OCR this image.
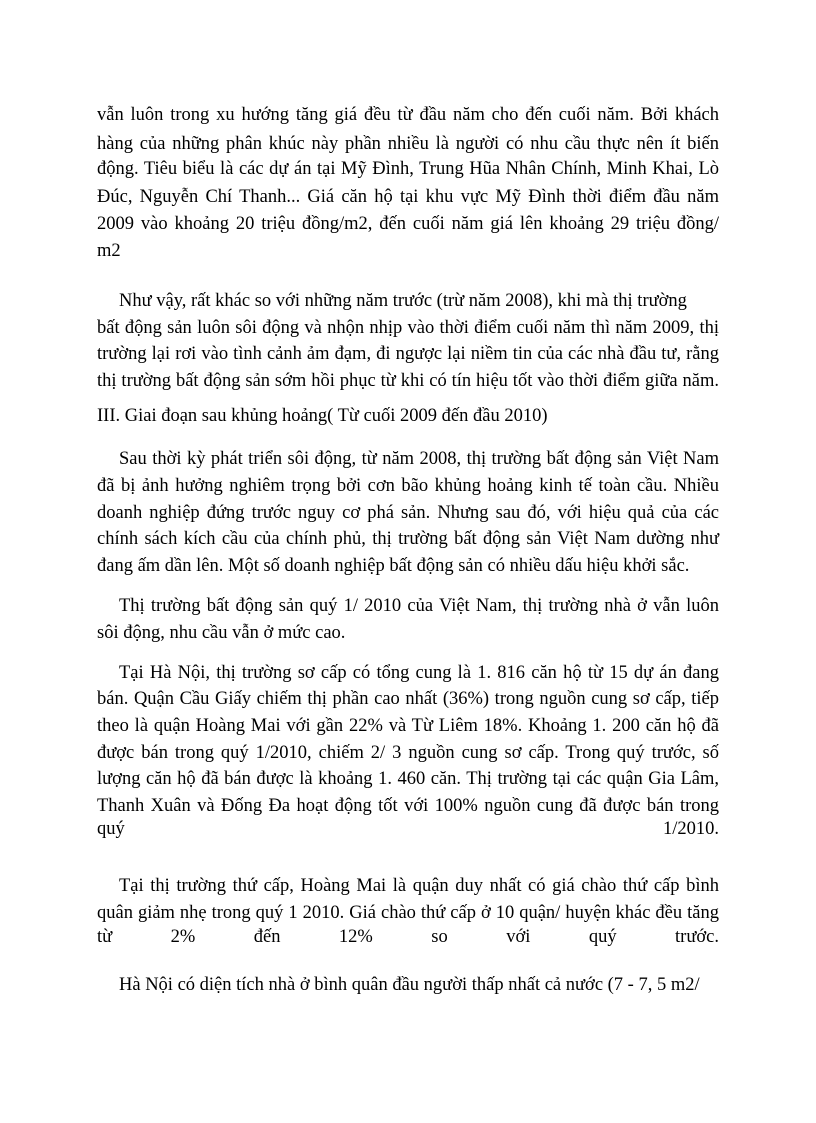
vẫn luôn trong xu hướng tăng giá đều từ đầu năm cho đến cuối năm. Bởi khách
hàng của những phân khúc này phần nhiều là người có nhu cầu thực nên ít biến
động. Tiêu biểu là các dự án tại Mỹ Đình, Trung Hũa Nhân Chính, Minh Khai, Lò
Đúc, Nguyễn Chí Thanh... Giá căn hộ tại khu vực Mỹ Đình thời điểm đầu năm
2009 vào khoảng 20 triệu đồng/m2, đến cuối năm giá lên khoảng 29 triệu đồng/
m2
Như vậy, rất khác so với những năm trước (trừ năm 2008), khi mà thị trường
bất động sản luôn sôi động và nhộn nhịp vào thời điểm cuối năm thì năm 2009, thị
trường lại rơi vào tình cảnh ảm đạm, đi ngược lại niềm tin của các nhà đầu tư, rằng
thị trường bất động sản sớm hồi phục từ khi có tín hiệu tốt vào thời điểm giữa năm.
III. Giai đoạn sau khủng hoảng( Từ cuối 2009 đến đầu 2010)
Sau thời kỳ phát triển sôi động, từ năm 2008, thị trường bất động sản Việt Nam
đã bị ảnh hưởng nghiêm trọng bởi cơn bão khủng hoảng kinh tế toàn cầu. Nhiều
doanh nghiệp đứng trước nguy cơ phá sản. Nhưng sau đó, với hiệu quả của các
chính sách kích cầu của chính phủ, thị trường bất động sản Việt Nam dường như
đang ấm dần lên. Một số doanh nghiệp bất động sản có nhiều dấu hiệu khởi sắc.
Thị trường bất động sản quý 1/ 2010 của Việt Nam, thị trường nhà ở vẫn luôn
sôi động, nhu cầu vẫn ở mức cao.
Tại Hà Nội, thị trường sơ cấp có tổng cung là 1. 816 căn hộ từ 15 dự án đang
bán. Quận Cầu Giấy chiếm thị phần cao nhất (36%) trong nguồn cung sơ cấp, tiếp
theo là quận Hoàng Mai với gần 22% và Từ Liêm 18%. Khoảng 1. 200 căn hộ đã
được bán trong quý 1/2010, chiếm 2/ 3 nguồn cung sơ cấp. Trong quý trước, số
lượng căn hộ đã bán được là khoảng 1. 460 căn. Thị trường tại các quận Gia Lâm,
Thanh Xuân và Đống Đa hoạt động tốt với 100% nguồn cung đã được bán trong
quý 1/2010.
Tại thị trường thứ cấp, Hoàng Mai là quận duy nhất có giá chào thứ cấp bình
quân giảm nhẹ trong quý 1 2010. Giá chào thứ cấp ở 10 quận/ huyện khác đều tăng
từ 2% đến 12% so với quý trước.
Hà Nội có diện tích nhà ở bình quân đầu người thấp nhất cả nước (7 - 7, 5 m2/
